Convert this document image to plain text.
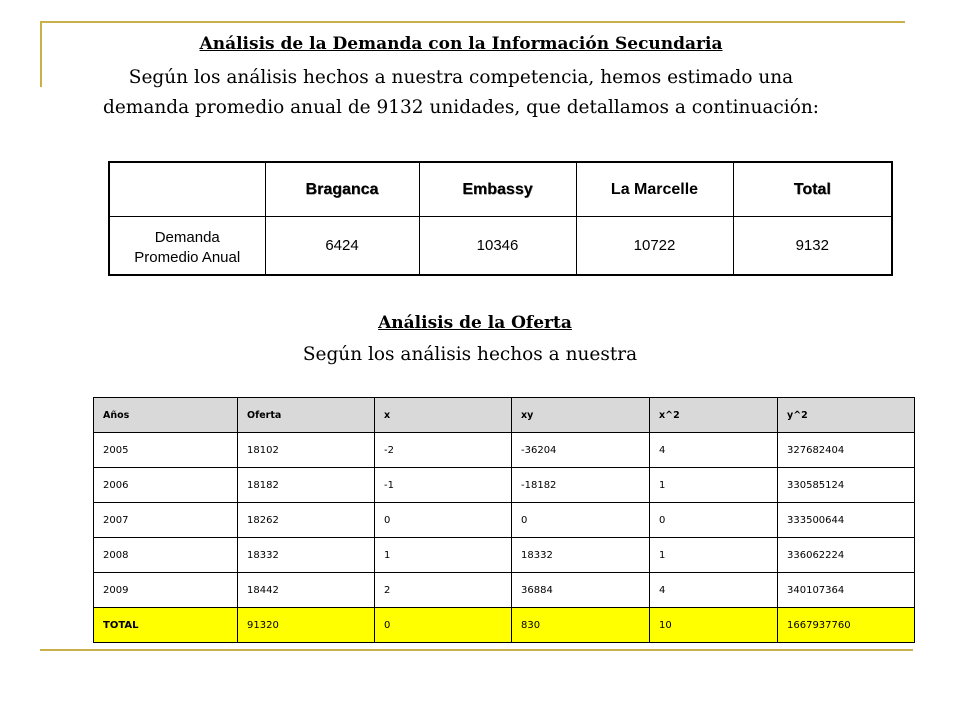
Análisis de la Demanda con la Información Secundaria
Según los análisis hechos a nuestra competencia, hemos estimado una
demanda promedio anual de 9132 unidades, que detallamos a continuación:
	Braganca	Embassy	La Marcelle	Total

Demanda
Promedio Anual	6424	10346	10722	9132
Análisis de la Oferta
Según los análisis hechos a nuestra
Años	Oferta	x	xy	x^2	y^2
2005	18102	-2	-36204	4	327682404
2006	18182	-1	-18182	1	330585124
2007	18262	0	0	0	333500644
2008	18332	1	18332	1	336062224
2009	18442	2	36884	4	340107364
TOTAL	91320	0	830	10	1667937760
